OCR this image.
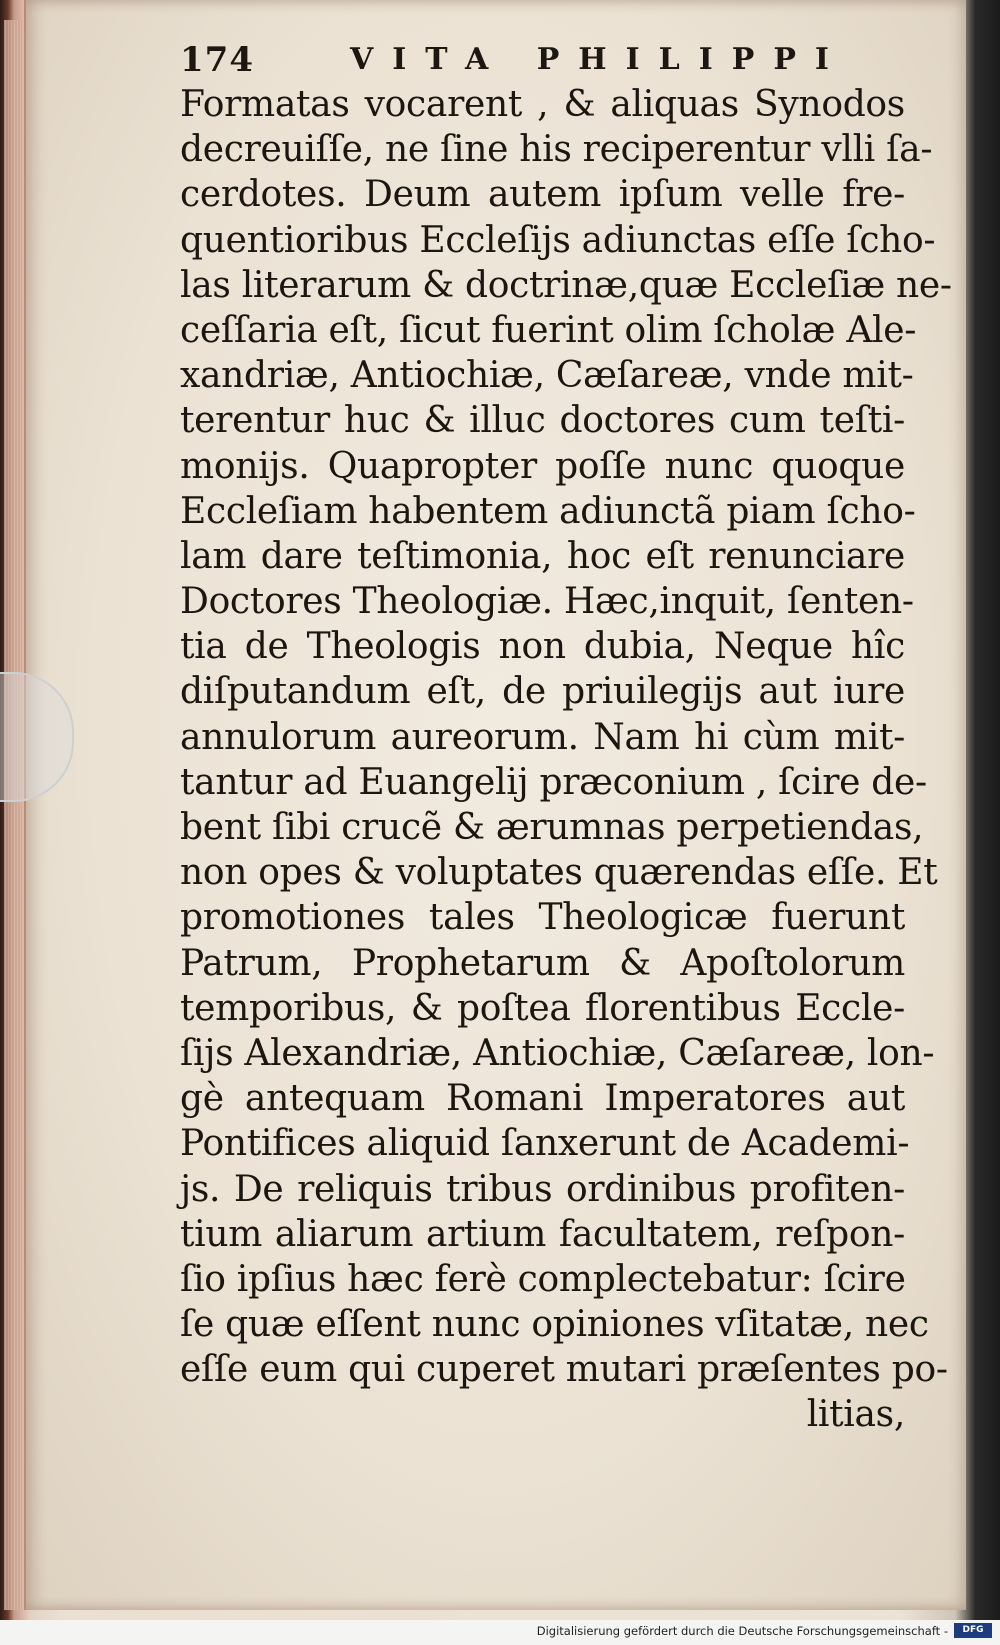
174	VITA PHILIPPI
Formatas vocarent , & aliquas Synodos
decreuiſſe, ne ſine his reciperentur vlli ſa-
cerdotes. Deum autem ipſum velle fre-
quentioribus Eccleſijs adiunctas eſſe ſcho-
las literarum & doctrinæ,quæ Eccleſiæ ne-
ceſſaria eſt, ſicut fuerint olim ſcholæ Ale-
xandriæ, Antiochiæ, Cæſareæ, vnde mit-
terentur huc & illuc doctores cum teſti-
monijs. Quapropter poſſe nunc quoque
Eccleſiam habentem adiunctã piam ſcho-
lam dare teſtimonia, hoc eſt renunciare
Doctores Theologiæ. Hæc,inquit, ſenten-
tia de Theologis non dubia, Neque hîc
diſputandum eſt, de priuilegijs aut iure
annulorum aureorum. Nam hi cùm mit-
tantur ad Euangelij præconium , ſcire de-
bent ſibi crucẽ & ærumnas perpetiendas,
non opes & voluptates quærendas eſſe. Et
promotiones tales Theologicæ fuerunt
Patrum, Prophetarum & Apoſtolorum
temporibus, & poſtea florentibus Eccle-
ſijs Alexandriæ, Antiochiæ, Cæſareæ, lon-
gè antequam Romani Imperatores aut
Pontifices aliquid ſanxerunt de Academi-
js. De reliquis tribus ordinibus profiten-
tium aliarum artium facultatem, reſpon-
ſio ipſius hæc ferè complectebatur: ſcire
ſe quæ eſſent nunc opiniones vſitatæ, nec
eſſe eum qui cuperet mutari præſentes po-
litias,
Digitalisierung gefördert durch die Deutsche Forschungsgemeinschaft -	DFG
